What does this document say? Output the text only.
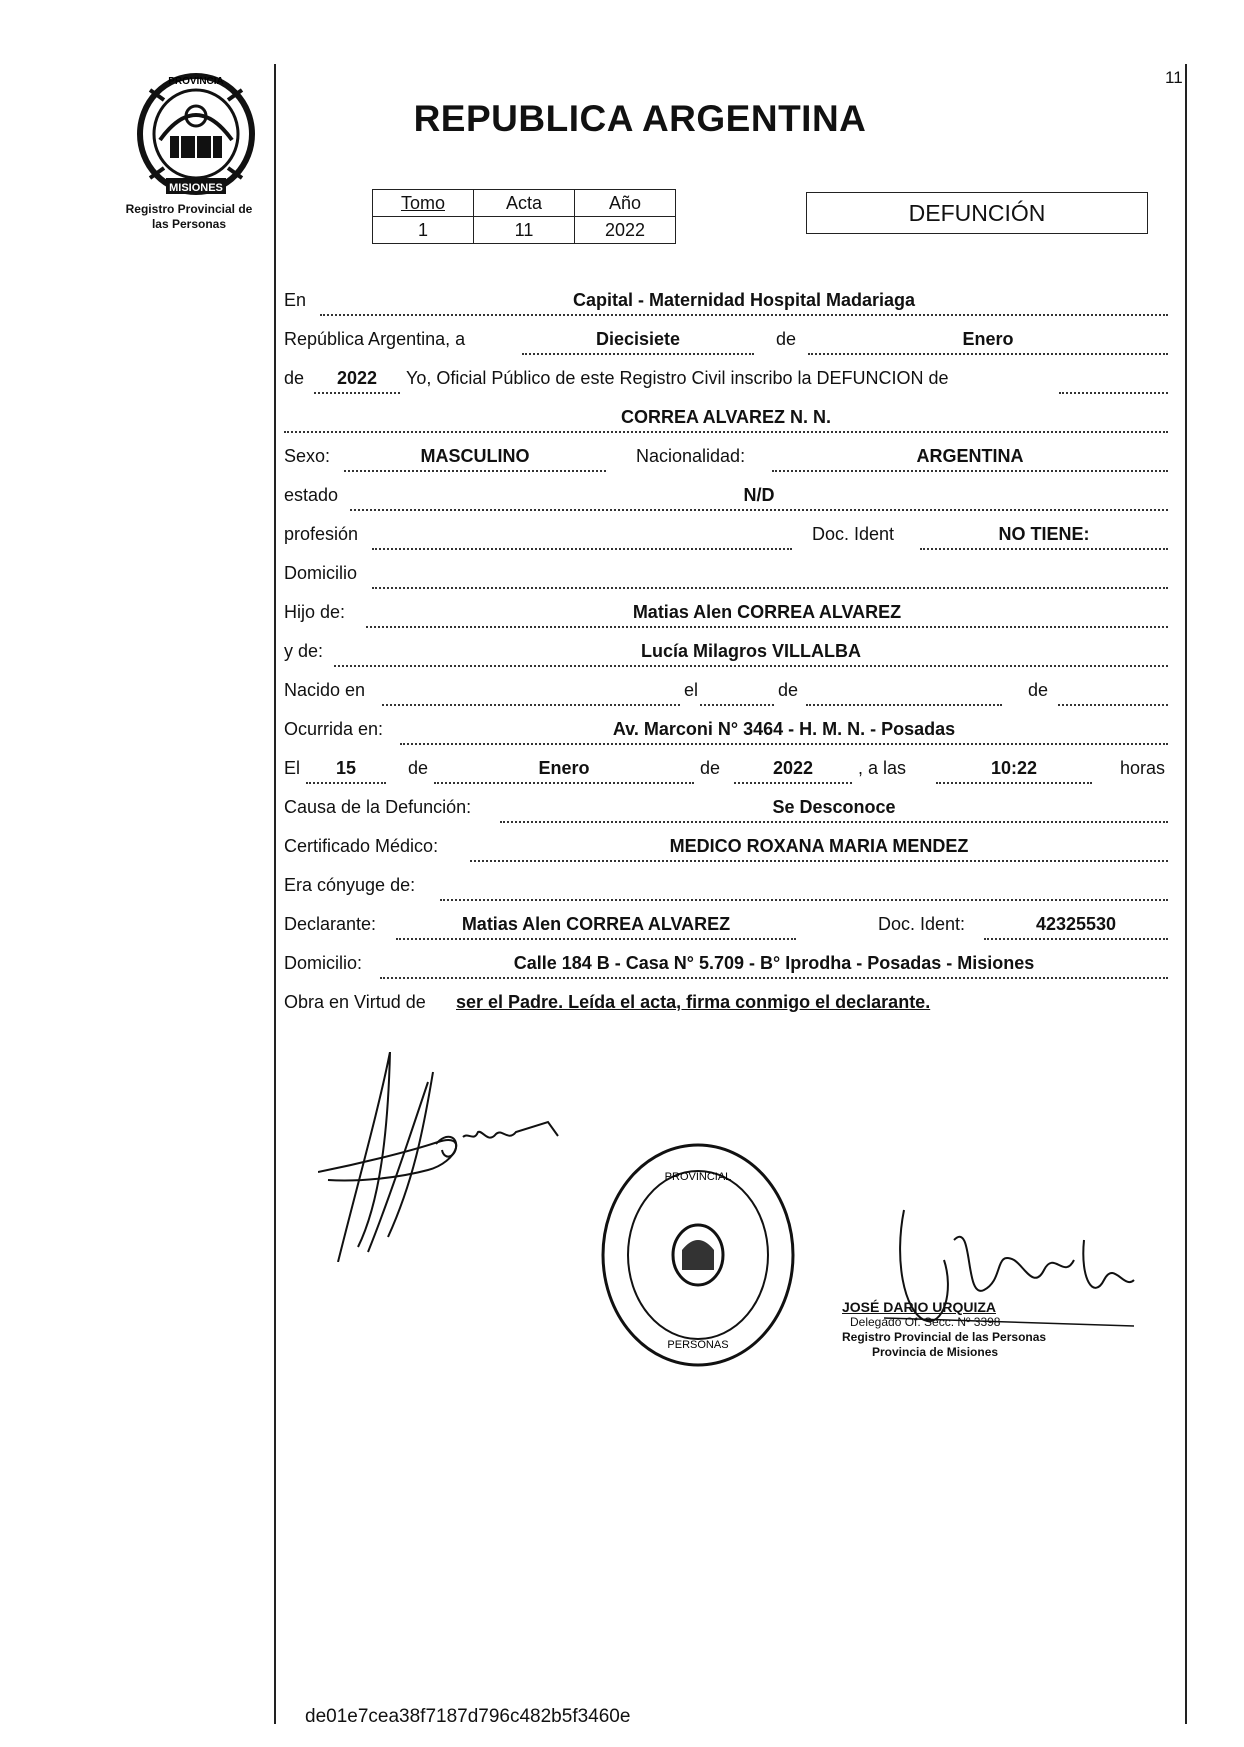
11
PROVINCIA
MISIONES
Registro Provincial de
las Personas
REPUBLICA ARGENTINA
Tomo	Acta	Año
1	11	2022
DEFUNCIÓN
En	Capital - Maternidad Hospital Madariaga
República Argentina, a	Diecisiete	de	Enero
de	2022	Yo, Oficial Público de este Registro Civil inscribo la DEFUNCION de
CORREA ALVAREZ N. N.
Sexo:	MASCULINO	Nacionalidad:	ARGENTINA
estado	N/D
profesión	Doc. Ident	NO TIENE:
Domicilio
Hijo de:	Matias Alen CORREA ALVAREZ
y de:	Lucía Milagros VILLALBA
Nacido en	el	de	de
Ocurrida en:	Av. Marconi N° 3464 - H. M. N. - Posadas
El	15	de	Enero	de	2022	, a las	10:22	horas
Causa de la Defunción:	Se Desconoce
Certificado Médico:	MEDICO ROXANA MARIA MENDEZ
Era cónyuge de:
Declarante:	Matias Alen CORREA ALVAREZ	Doc. Ident:	42325530
Domicilio:	Calle 184 B - Casa N° 5.709 - B° Iprodha - Posadas - Misiones
Obra en Virtud de ser el Padre. Leída el acta, firma conmigo el declarante.
PROVINCIAL
PERSONAS
JOSÉ DARIO URQUIZA
Delegado Of. Secc. Nº 3398
Registro Provincial de las Personas
Provincia de Misiones
de01e7cea38f7187d796c482b5f3460e
